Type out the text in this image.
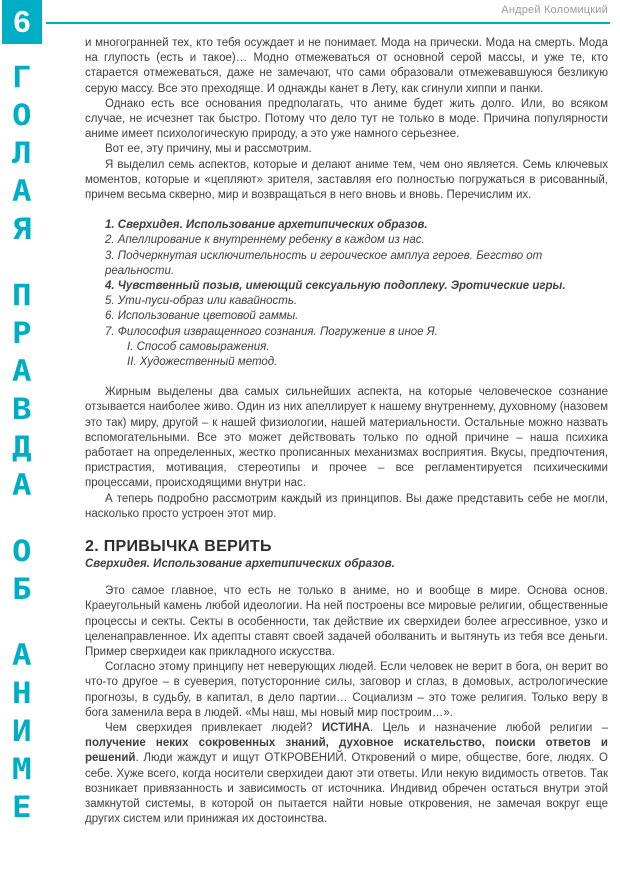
6	Андрей Коломицкий
Г
О
Л
А
Я
П
Р
А
В
Д
А
О
Б
А
Н
И
М
Е

и многогранней тех, кто тебя осуждает и не понимает. Мода на прически. Мода на смерть. Мода на глупость (есть и такое)… Модно отмежеваться от основной серой массы, и уже те, кто старается отмежеваться, даже не замечают, что сами образовали отмежевавшуюся безликую серую массу. Все это преходяще. И однажды канет в Лету, как сгинули хиппи и панки.

Однако есть все основания предполагать, что аниме будет жить долго. Или, во всяком случае, не исчезнет так быстро. Потому что дело тут не только в моде. Причина популярности аниме имеет психологическую природу, а это уже намного серьезнее.

Вот ее, эту причину, мы и рассмотрим.

Я выделил семь аспектов, которые и делают аниме тем, чем оно является. Семь ключевых моментов, которые и «цепляют» зрителя, заставляя его полностью погружаться в рисованный, причем весьма скверно, мир и возвращаться в него вновь и вновь. Перечислим их.

1. Сверхидея. Использование архетипических образов.

2. Апеллирование к внутреннему ребенку в каждом из нас.

3. Подчеркнутая исключительность и героическое амплуа героев. Бегство от реальности.

4. Чувственный позыв, имеющий сексуальную подоплеку. Эротические игры.

5. Ути-пуси-образ или кавайность.

6. Использование цветовой гаммы.

7. Философия извращенного сознания. Погружение в иное Я.

I. Способ самовыражения.

II. Художественный метод.

Жирным выделены два самых сильнейших аспекта, на которые человеческое сознание отзывается наиболее живо. Один из них апеллирует к нашему внутреннему, духовному (назовем это так) миру, другой – к нашей физиологии, нашей материальности. Остальные можно назвать вспомогательными. Все это может действовать только по одной причине – наша психика работает на определенных, жестко прописанных механизмах восприятия. Вкусы, предпочтения, пристрастия, мотивация, стереотипы и прочее – все регламентируется психическими процессами, происходящими внутри нас.

А теперь подробно рассмотрим каждый из принципов. Вы даже представить себе не могли, насколько просто устроен этот мир.

2. ПРИВЫЧКА ВЕРИТЬ
Сверхидея. Использование архетипических образов.

Это самое главное, что есть не только в аниме, но и вообще в мире. Основа основ. Краеугольный камень любой идеологии. На ней построены все мировые религии, общественные процессы и секты. Секты в особенности, так действие их сверхидеи более агрессивное, узко и целенаправленное. Их адепты ставят своей задачей оболванить и вытянуть из тебя все деньги. Пример сверхидеи как прикладного искусства.

Согласно этому принципу нет неверующих людей. Если человек не верит в бога, он верит во что-то другое – в суеверия, потусторонние силы, заговор и сглаз, в домовых, астрологические прогнозы, в судьбу, в капитал, в дело партии… Социализм – это тоже религия. Только веру в бога заменила вера в людей. «Мы наш, мы новый мир построим…».

Чем сверхидея привлекает людей? ИСТИНА. Цель и назначение любой религии – получение неких сокровенных знаний, духовное искательство, поиски ответов и решений. Люди жаждут и ищут ОТКРОВЕНИЙ. Откровений о мире, обществе, боге, людях. О себе. Хуже всего, когда носители сверхидеи дают эти ответы. Или некую видимость ответов. Так возникает привязанность и зависимость от источника. Индивид обречен остаться внутри этой замкнутой системы, в которой он пытается найти новые откровения, не замечая вокруг еще других систем или принижая их достоинства.
